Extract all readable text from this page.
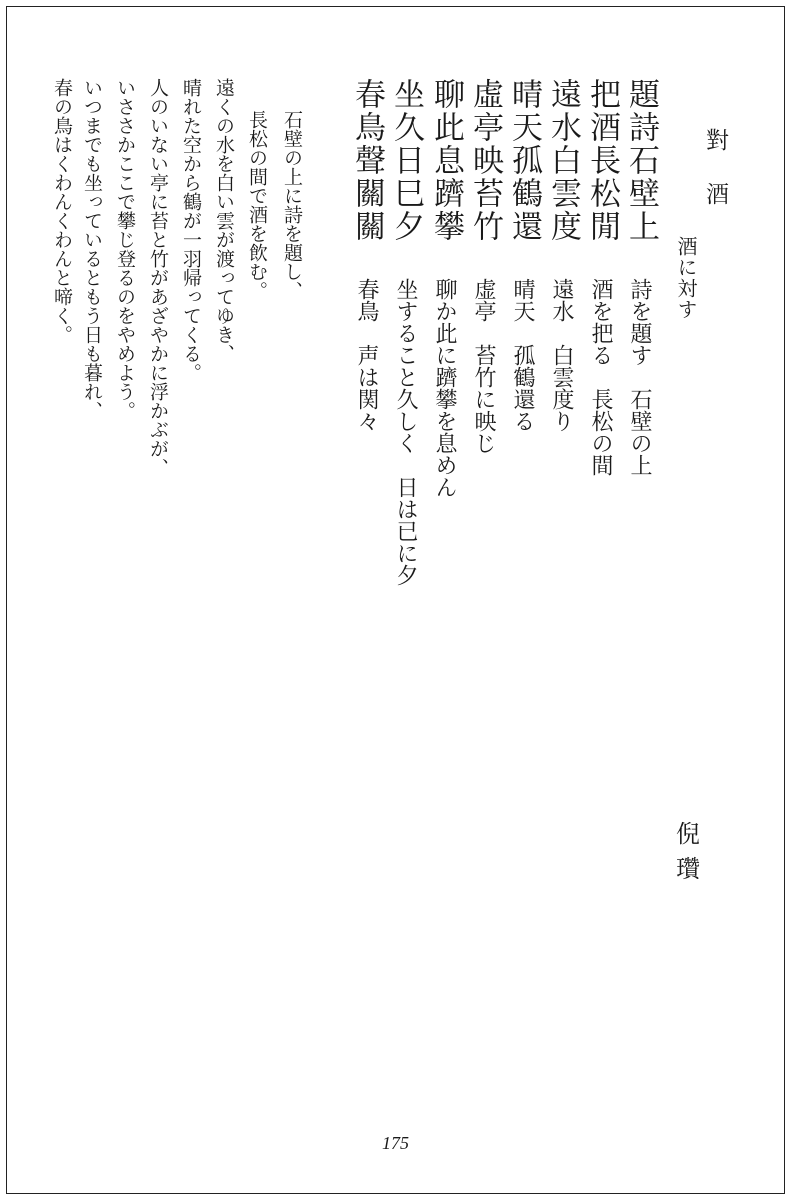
對　酒
酒に対す
倪
瓚
題詩石壁上
把酒長松閒
遠水白雲度
晴天孤鶴還
虛亭映苔竹
聊此息躋攀
坐久日巳夕
春鳥聲關關
詩を題す　石壁の上
酒を把る　長松の間
遠水　白雲度り
晴天　孤鶴還る
虚亭　苔竹に映じ
聊か此に躋攀を息めん
坐すること久しく　日は已に夕
春鳥　声は関々
石壁の上に詩を題し、
長松の間で酒を飲む。
遠くの水を白い雲が渡ってゆき、
晴れた空から鶴が一羽帰ってくる。
人のいない亭に苔と竹があざやかに浮かぶが、
いささかここで攀じ登るのをやめよう。
いつまでも坐っているともう日も暮れ、
春の鳥はくわんくわんと啼く。
175
